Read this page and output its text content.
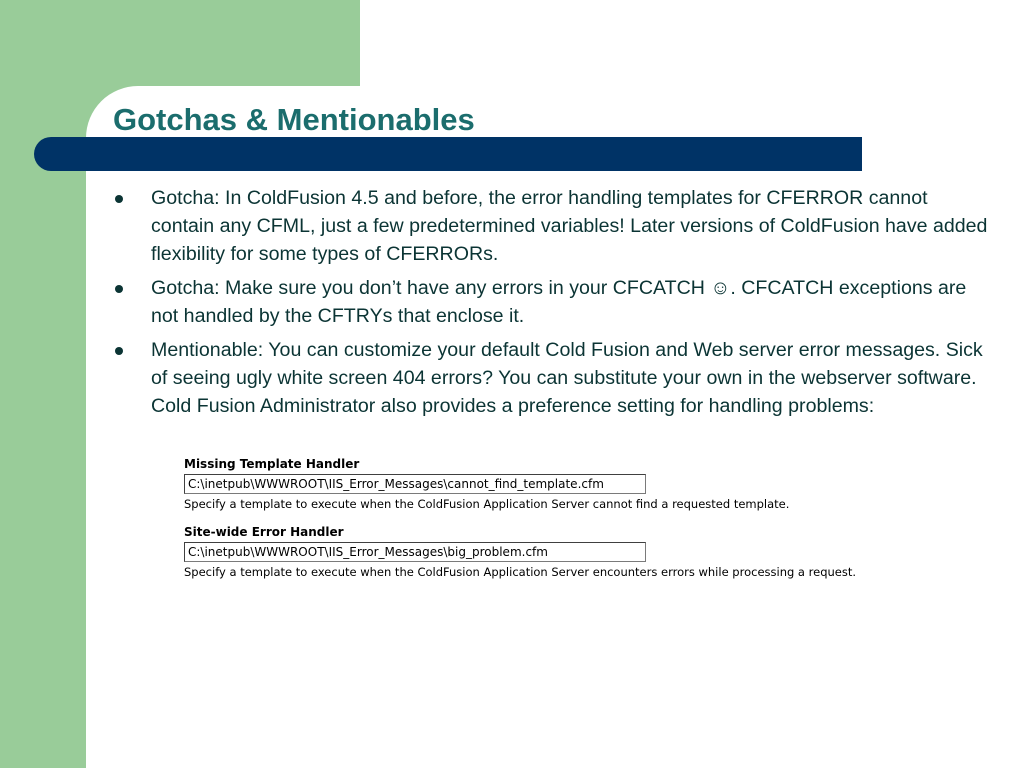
Gotchas & Mentionables
Gotcha: In ColdFusion 4.5 and before, the error handling templates for CFERROR cannot contain any CFML, just a few predetermined variables! Later versions of ColdFusion have added flexibility for some types of CFERRORs.
Gotcha: Make sure you don’t have any errors in your CFCATCH ☺. CFCATCH exceptions are not handled by the CFTRYs that enclose it.
Mentionable: You can customize your default Cold Fusion and Web server error messages. Sick of seeing ugly white screen 404 errors? You can substitute your own in the webserver software. Cold Fusion Administrator also provides a preference setting for handling problems:
Missing Template Handler
C:\inetpub\WWWROOT\IIS_Error_Messages\cannot_find_template.cfm
Specify a template to execute when the ColdFusion Application Server cannot find a requested template.
Site-wide Error Handler
C:\inetpub\WWWROOT\IIS_Error_Messages\big_problem.cfm
Specify a template to execute when the ColdFusion Application Server encounters errors while processing a request.
